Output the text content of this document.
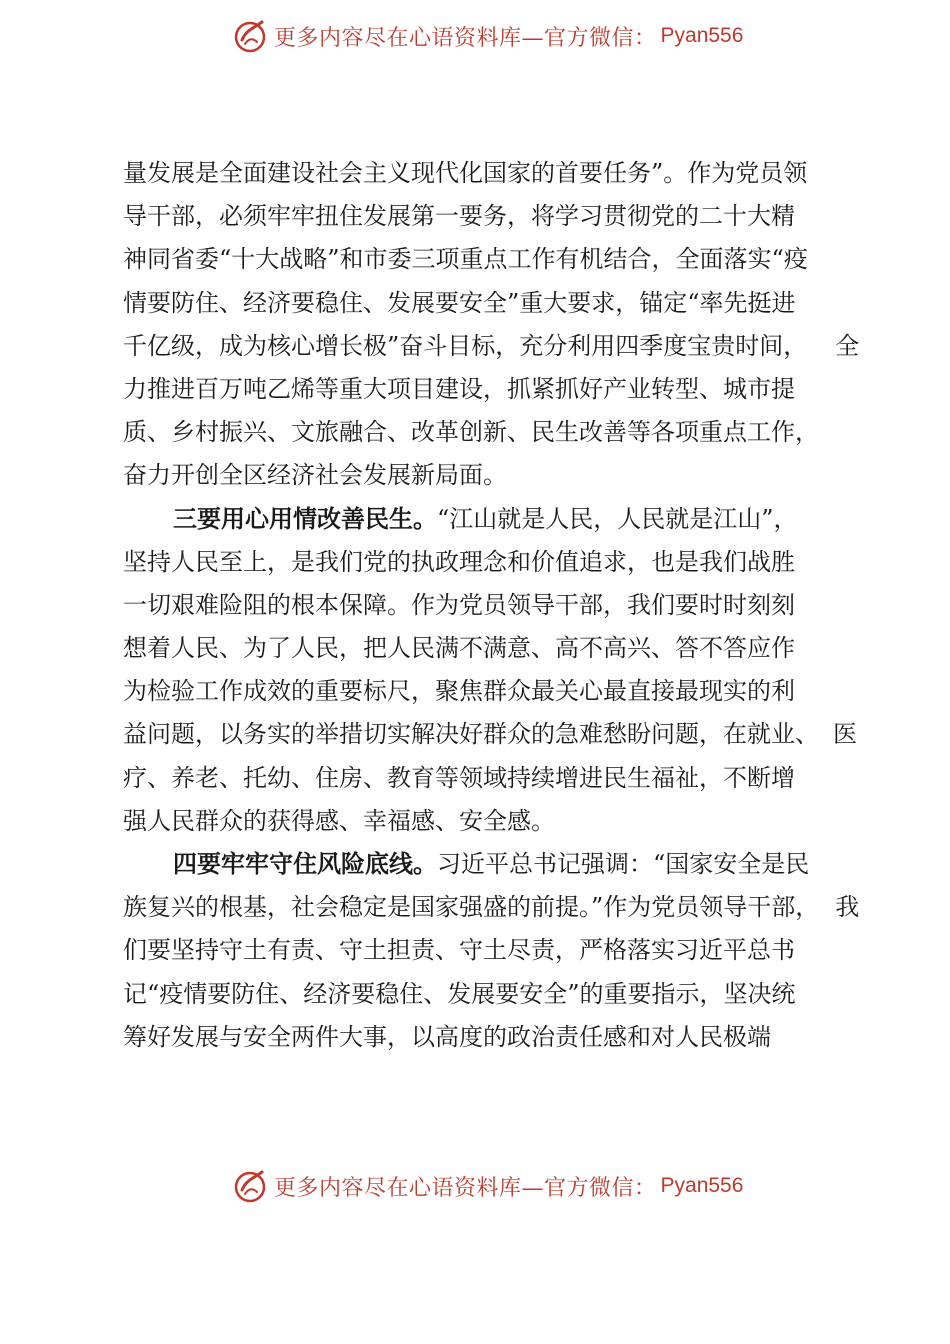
更多内容尽在心语资料库—官方微信： Pyan556
量发展是全面建设社会主义现代化国家的首要任务”。作为党员领
导干部，必须牢牢扭住发展第一要务，将学习贯彻党的二十大精
神同省委“十大战略”和市委三项重点工作有机结合，全面落实“疫
情要防住、经济要稳住、发展要安全”重大要求，锚定“率先挺进
千亿级，成为核心增长极”奋斗目标，充分利用四季度宝贵时间， 全
力推进百万吨乙烯等重大项目建设，抓紧抓好产业转型、城市提
质、乡村振兴、文旅融合、改革创新、民生改善等各项重点工作，
奋力开创全区经济社会发展新局面。
三要用心用情改善民生。“江山就是人民，人民就是江山”，
坚持人民至上，是我们党的执政理念和价值追求，也是我们战胜
一切艰难险阻的根本保障。作为党员领导干部，我们要时时刻刻
想着人民、为了人民，把人民满不满意、高不高兴、答不答应作
为检验工作成效的重要标尺，聚焦群众最关心最直接最现实的利
益问题，以务实的举措切实解决好群众的急难愁盼问题，在就业、 医
疗、养老、托幼、住房、教育等领域持续增进民生福祉，不断增
强人民群众的获得感、幸福感、安全感。
四要牢牢守住风险底线。习近平总书记强调：“国家安全是民
族复兴的根基，社会稳定是国家强盛的前提。”作为党员领导干部， 我
们要坚持守土有责、守土担责、守土尽责，严格落实习近平总书
记“疫情要防住、经济要稳住、发展要安全”的重要指示，坚决统
筹好发展与安全两件大事，以高度的政治责任感和对人民极端
更多内容尽在心语资料库—官方微信： Pyan556
